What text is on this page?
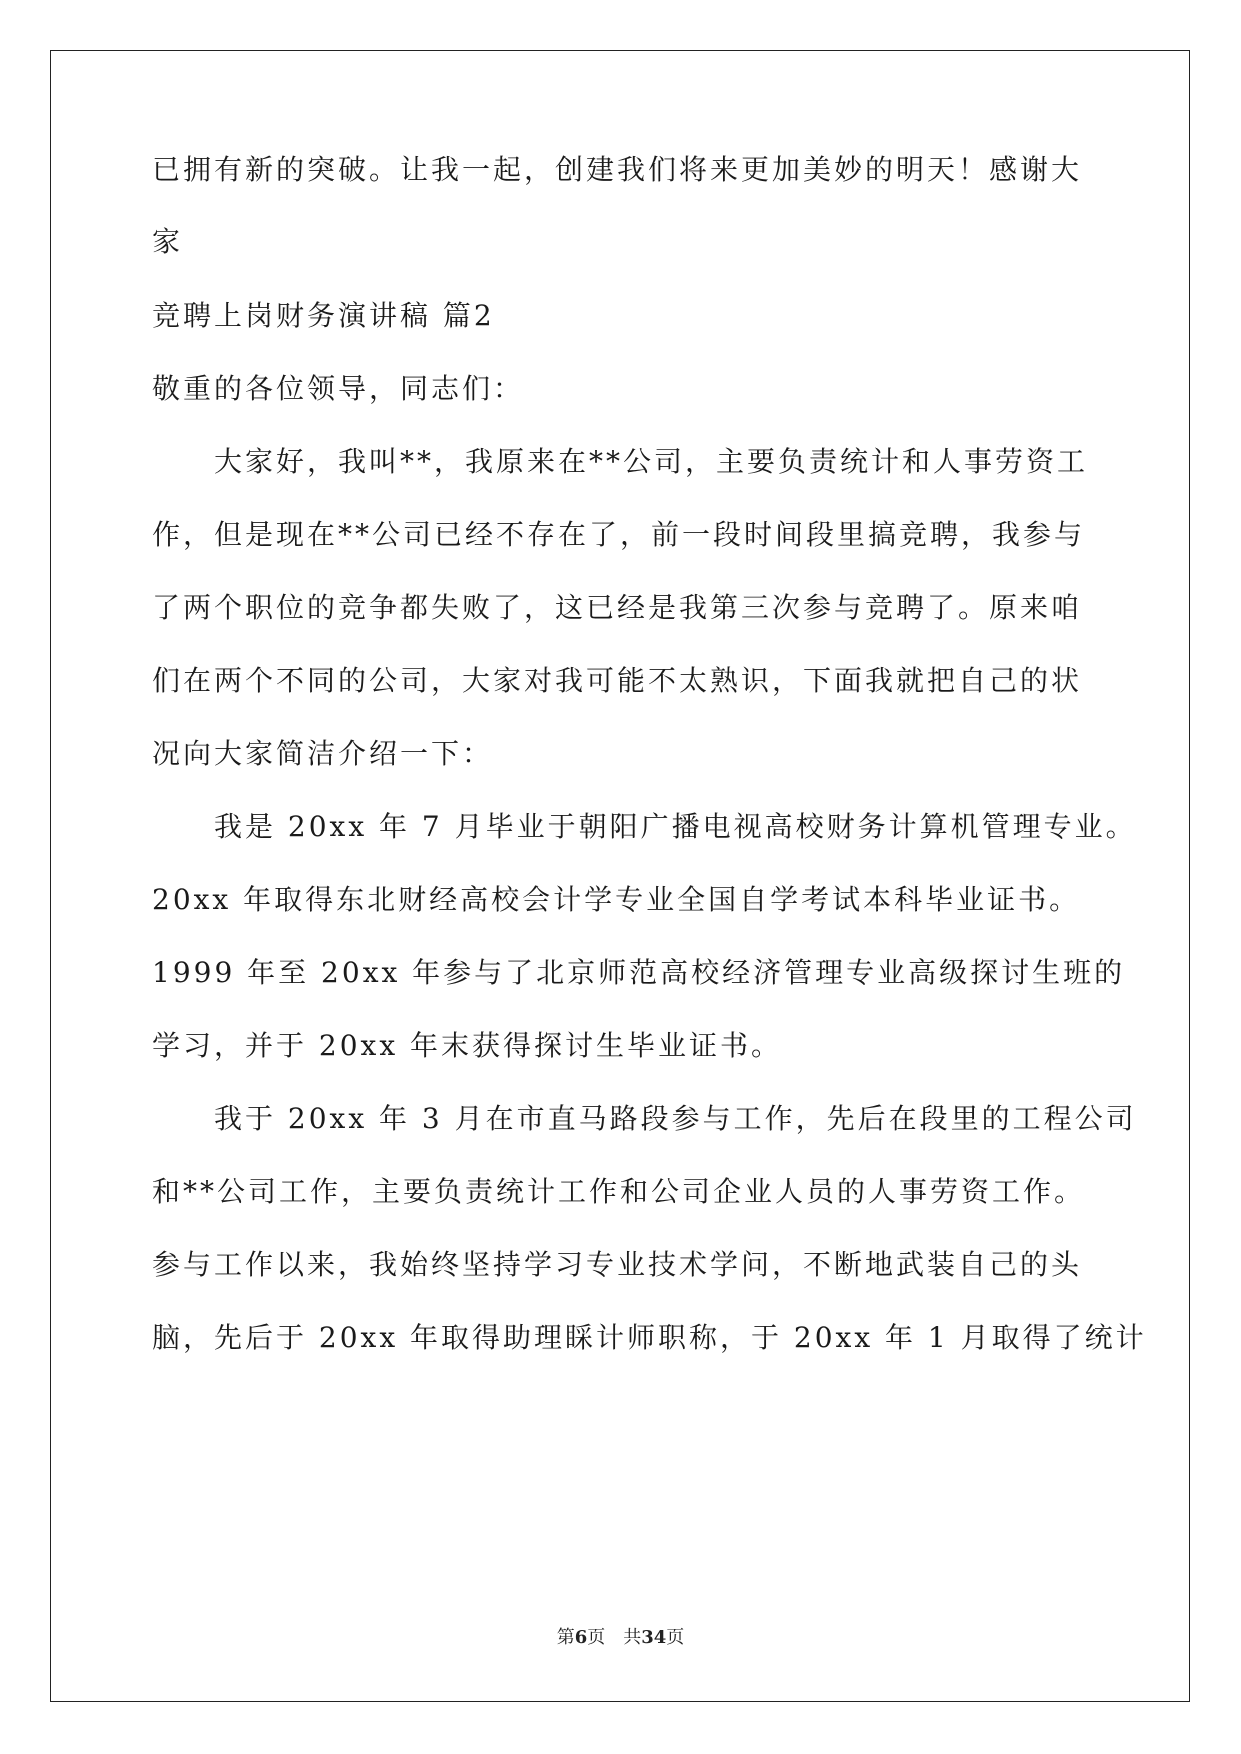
已拥有新的突破。让我一起，创建我们将来更加美妙的明天！感谢大
家
竞聘上岗财务演讲稿 篇2
敬重的各位领导，同志们：
大家好，我叫**，我原来在**公司，主要负责统计和人事劳资工
作，但是现在**公司已经不存在了，前一段时间段里搞竞聘，我参与
了两个职位的竞争都失败了，这已经是我第三次参与竞聘了。原来咱
们在两个不同的公司，大家对我可能不太熟识，下面我就把自己的状
况向大家简洁介绍一下：
我是 20xx 年 7 月毕业于朝阳广播电视高校财务计算机管理专业。
20xx 年取得东北财经高校会计学专业全国自学考试本科毕业证书。
1999 年至 20xx 年参与了北京师范高校经济管理专业高级探讨生班的
学习，并于 20xx 年末获得探讨生毕业证书。
我于 20xx 年 3 月在市直马路段参与工作，先后在段里的工程公司
和**公司工作，主要负责统计工作和公司企业人员的人事劳资工作。
参与工作以来，我始终坚持学习专业技术学问，不断地武装自己的头
脑，先后于 20xx 年取得助理睬计师职称，于 20xx 年 1 月取得了统计
第6页　共34页
